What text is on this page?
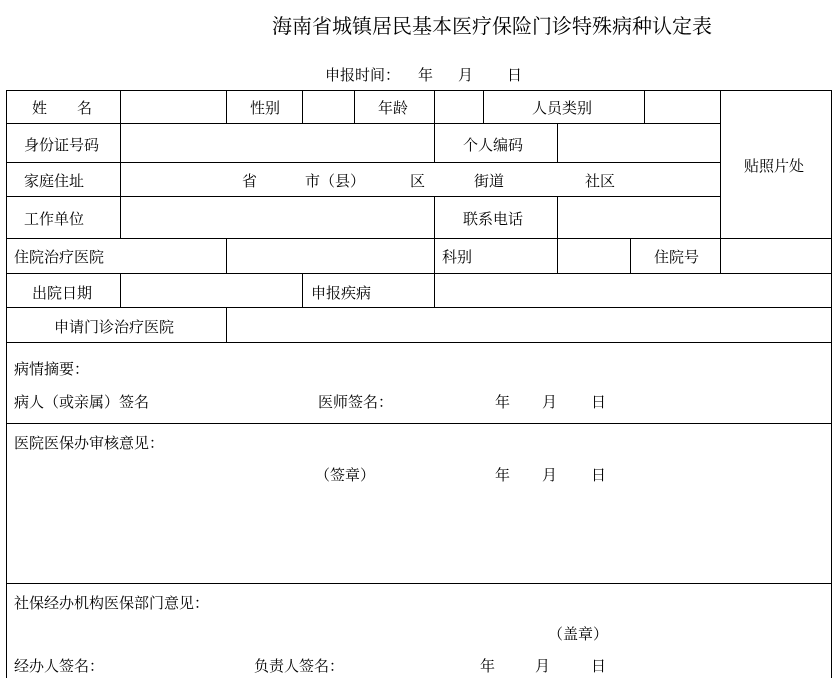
海南省城镇居民基本医疗保险门诊特殊病种认定表
申报时间： 年 月 日
姓　　名	性别	年龄	人员类别
贴照片处
身份证号码	个人编码
家庭住址	省	市（县）	区	街道	社区
工作单位	联系电话
住院治疗医院	科别	住院号
出院日期	申报疾病
申请门诊治疗医院
病情摘要：
病人（或亲属）签名	医师签名：	年 月 日
医院医保办审核意见：
（签章）	年 月 日
社保经办机构医保部门意见：
（盖章）
经办人签名：	负责人签名：	年	月	日
